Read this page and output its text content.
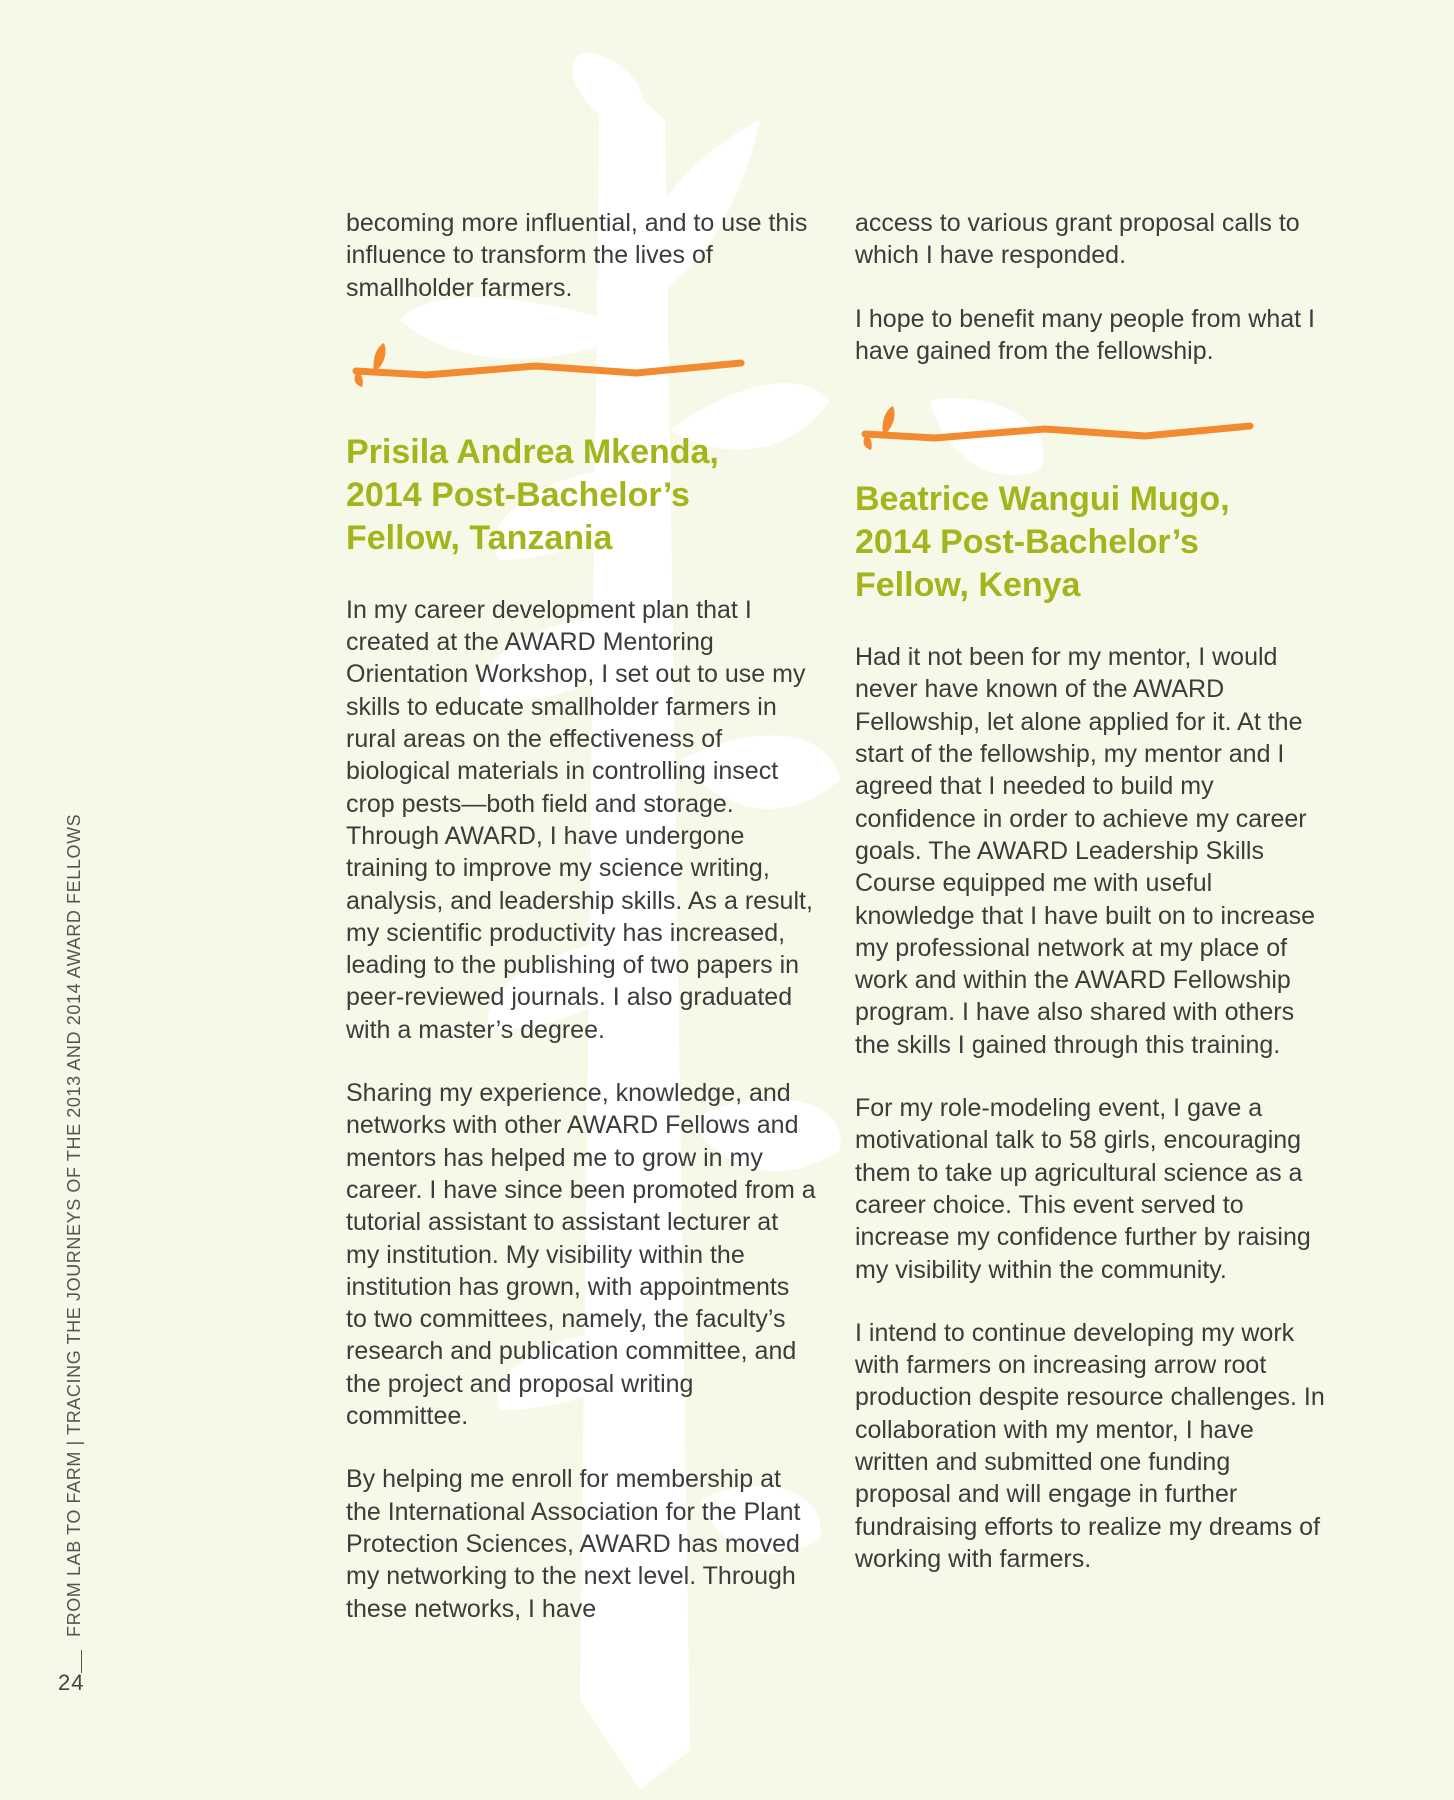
becoming more influential, and to use this influence to transform the lives of smallholder farmers.

Prisila Andrea Mkenda,
2014 Post-Bachelor’s
Fellow, Tanzania

In my career development plan that I created at the AWARD Mentoring Orientation Workshop, I set out to use my skills to educate smallholder farmers in rural areas on the effectiveness of biological materials in controlling insect crop pests—both field and storage. Through AWARD, I have undergone training to improve my science writing, analysis, and leadership skills. As a result, my scientific productivity has increased, leading to the publishing of two papers in peer-reviewed journals. I also graduated with a master’s degree.

Sharing my experience, knowledge, and networks with other AWARD Fellows and mentors has helped me to grow in my career. I have since been promoted from a tutorial assistant to assistant lecturer at my institution. My visibility within the institution has grown, with appointments to two committees, namely, the faculty’s research and publication committee, and the project and proposal writing committee.

By helping me enroll for membership at the International Association for the Plant Protection Sciences, AWARD has moved my networking to the next level. Through these networks, I have

access to various grant proposal calls to which I have responded.

I hope to benefit many people from what I have gained from the fellowship.

Beatrice Wangui Mugo,
2014 Post-Bachelor’s
Fellow, Kenya

Had it not been for my mentor, I would never have known of the AWARD Fellowship, let alone applied for it. At the start of the fellowship, my mentor and I agreed that I needed to build my confidence in order to achieve my career goals. The AWARD Leadership Skills Course equipped me with useful knowledge that I have built on to increase my professional network at my place of work and within the AWARD Fellowship program. I have also shared with others the skills I gained through this training.

For my role-modeling event, I gave a motivational talk to 58 girls, encouraging them to take up agricultural science as a career choice. This event served to increase my confidence further by raising my visibility within the community.

I intend to continue developing my work with farmers on increasing arrow root production despite resource challenges. In collaboration with my mentor, I have written and submitted one funding proposal and will engage in further fundraising efforts to realize my dreams of working with farmers.

FROM LAB TO FARM | TRACING THE JOURNEYS OF THE 2013 AND 2014 AWARD FELLOWS
24
